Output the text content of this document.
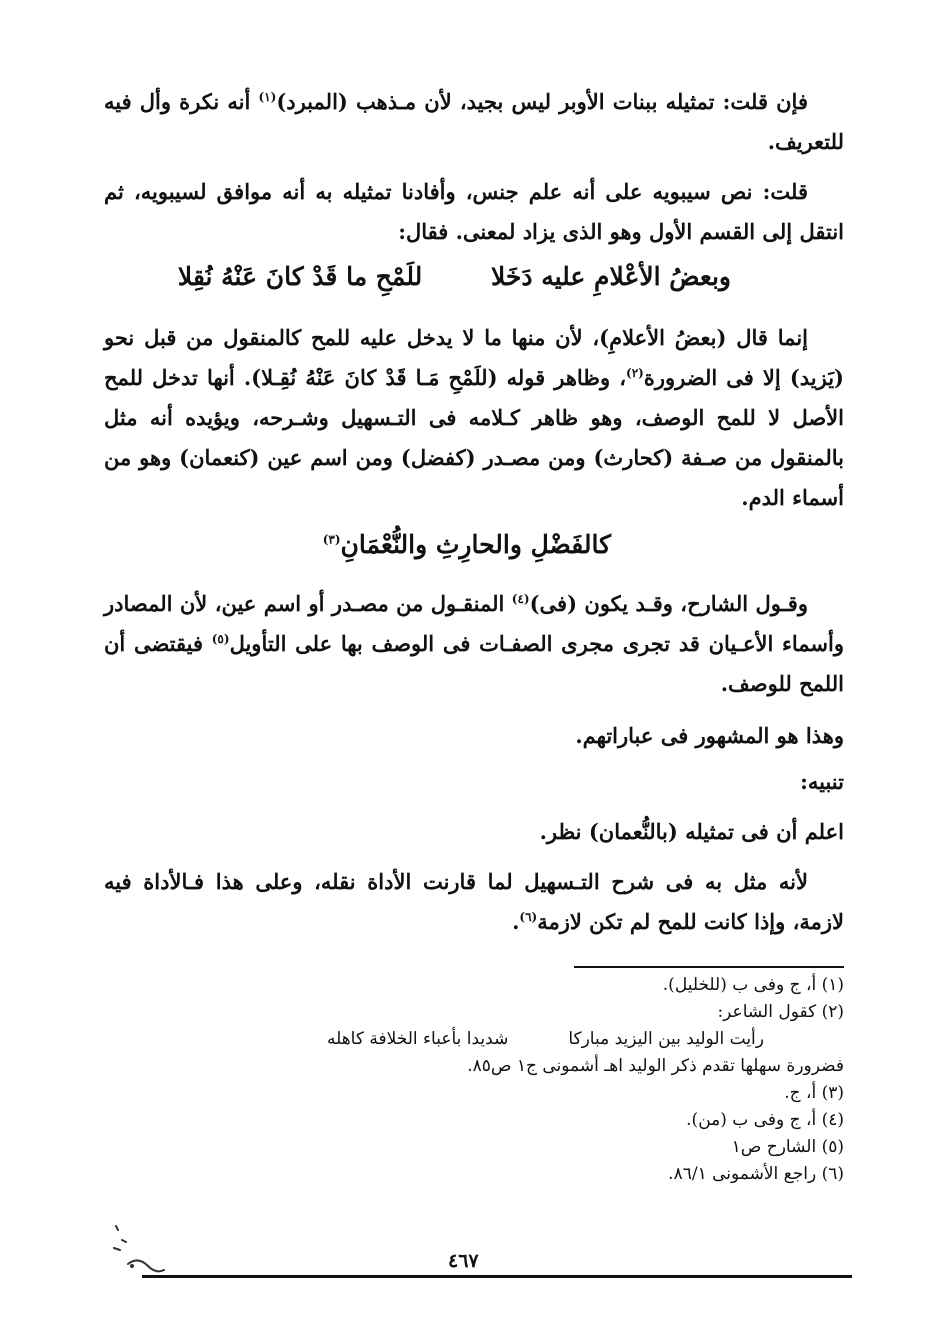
فإن قلت: تمثيله ببنات الأوبر ليس بجيد، لأن مـذهب (المبرد)$^{(١)}$ أنه نكرة وأل فيه للتعريف.

قلت: نص سيبويه على أنه علم جنس، وأفادنا تمثيله به أنه موافق لسيبويه، ثم انتقل إلى القسم الأول وهو الذى يزاد لمعنى. فقال:

وبعضُ الأعْلامِ عليه دَخَلا للَمْحِ ما قَدْ كانَ عَنْهُ نُقِلا

إنما قال (بعضُ الأعلامِ)، لأن منها ما لا يدخل عليه للمح كالمنقول من قبل نحو (يَزيد) إلا فى الضرورة$^{(٢)}$، وظاهر قوله (للَمْحِ مَـا قَدْ كانَ عَنْهُ نُقِـلا). أنها تدخل للمح الأصل لا للمح الوصف، وهو ظاهر كـلامه فى التـسهيل وشـرحه، ويؤيده أنه مثل بالمنقول من صـفة (كحارث) ومن مصـدر (كفضل) ومن اسم عين (كنعمان) وهو من أسماء الدم.

كالفَضْلِ والحارِثِ والنُّعْمَانِ$^{(٣)}$

وقـول الشارح، وقـد يكون (فى)$^{(٤)}$ المنقـول من مصـدر أو اسم عين، لأن المصادر وأسماء الأعـيان قد تجرى مجرى الصفـات فى الوصف بها على التأويل$^{(٥)}$ فيقتضى أن اللمح للوصف.

وهذا هو المشهور فى عباراتهم.
تنبيه:
اعلم أن فى تمثيله (بالنُّعمان) نظر.

لأنه مثل به فى شرح التـسهيل لما قارنت الأداة نقله، وعلى هذا فـالأداة فيه لازمة، وإذا كانت للمح لم تكن لازمة$^{(٦)}$.

(١) أ، ج وفى ب (للخليل).

(٢) كقول الشاعر:

رأيت الوليد بين اليزيد مباركا
شديدا بأعباء الخلافة كاهله

فضرورة سهلها تقدم ذكر الوليد اهـ أشمونى ج١ ص٨٥.

(٣) أ، ج.

(٤) أ، ج وفى ب (من).

(٥) الشارح ص١

(٦) راجع الأشمونى ٨٦/١.

٤٦٧
